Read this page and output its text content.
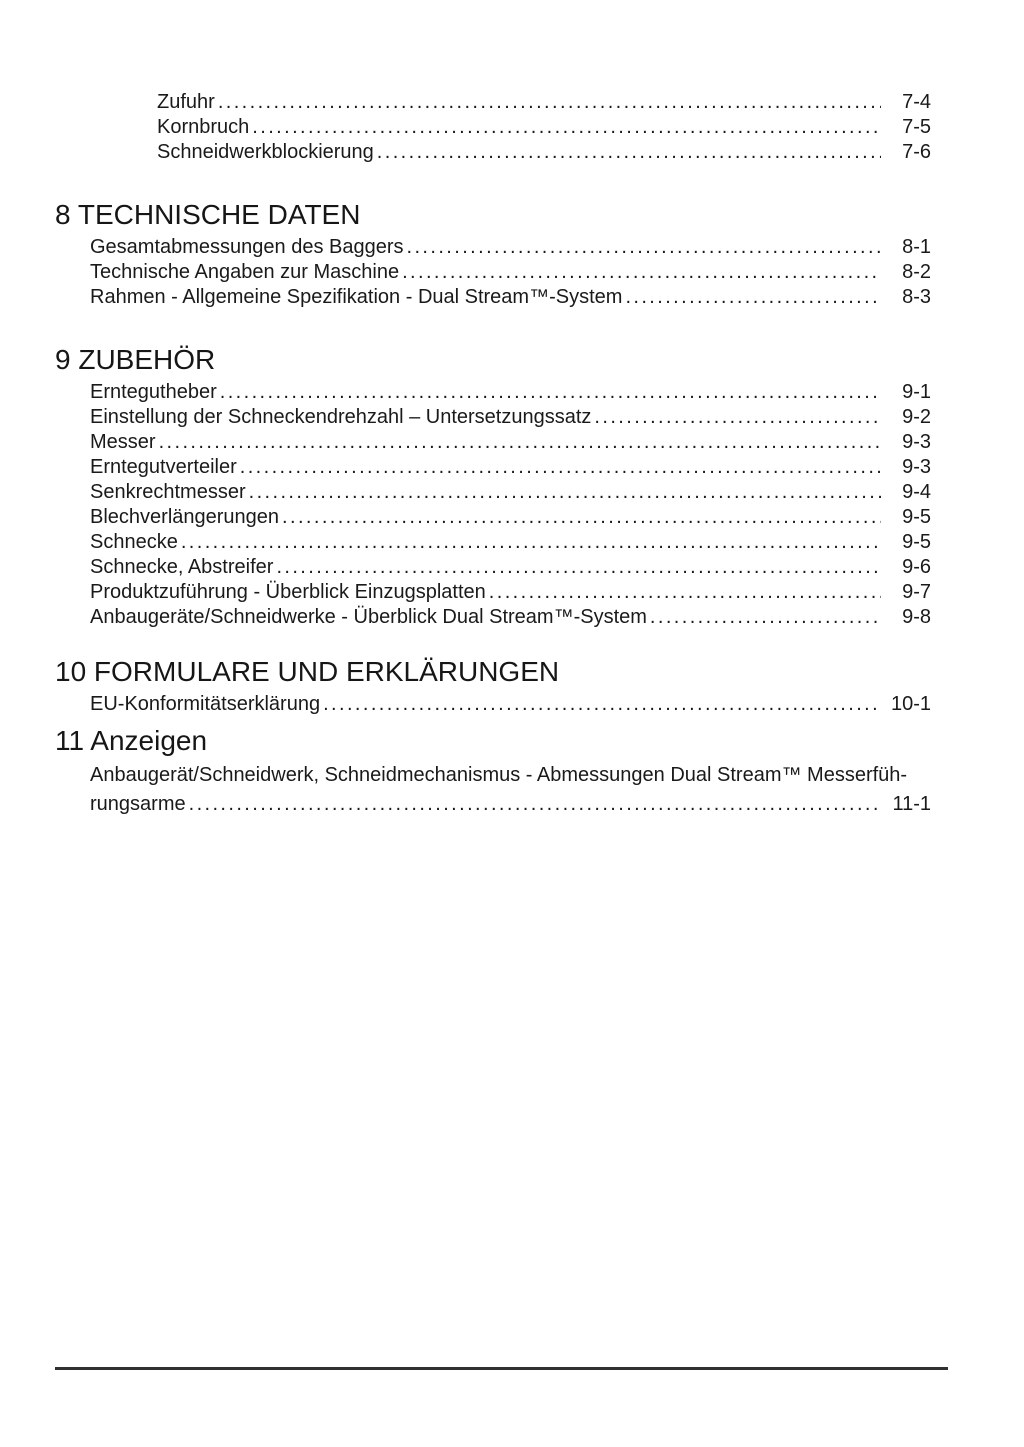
Zufuhr .....	7-4
Kornbruch .....	7-5
Schneidwerkblockierung .....	7-6
8 TECHNISCHE DATEN
Gesamtabmessungen des Baggers .....	8-1
Technische Angaben zur Maschine .....	8-2
Rahmen - Allgemeine Spezifikation - Dual Stream™-System .....	8-3
9 ZUBEHÖR
Erntegutheber .....	9-1
Einstellung der Schneckendrehzahl – Untersetzungssatz .....	9-2
Messer .....	9-3
Erntegutverteiler .....	9-3
Senkrechtmesser .....	9-4
Blechverlängerungen .....	9-5
Schnecke .....	9-5
Schnecke, Abstreifer .....	9-6
Produktzuführung - Überblick Einzugsplatten .....	9-7
Anbaugeräte/Schneidwerke - Überblick Dual Stream™-System .....	9-8
10 FORMULARE UND ERKLÄRUNGEN
EU-Konformitätserklärung .....	10-1
11 Anzeigen
Anbaugerät/Schneidwerk, Schneidmechanismus - Abmessungen Dual Stream™ Messerfüh-
rungsarme .....	11-1
